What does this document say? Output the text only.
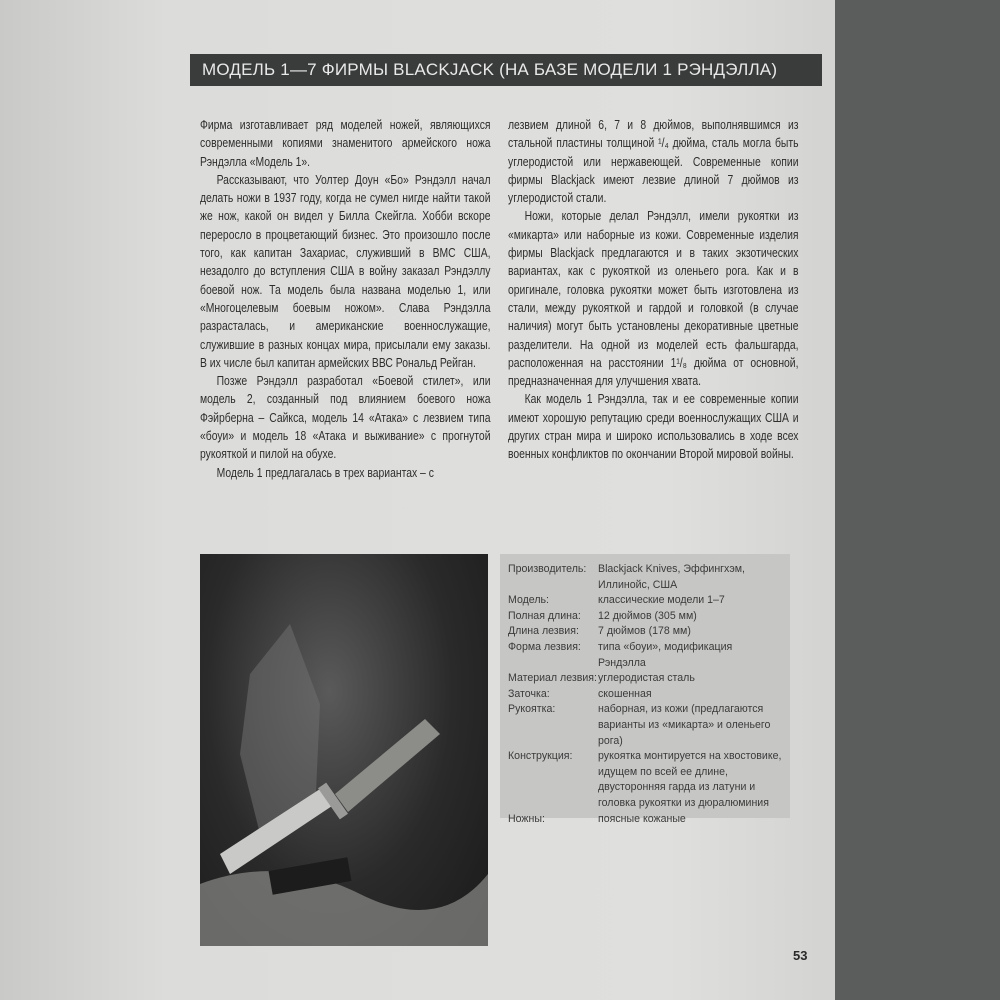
МОДЕЛЬ 1—7 ФИРМЫ BLACKJACK (НА БАЗЕ МОДЕЛИ 1 РЭНДЭЛЛА)

Фирма изготавливает ряд моделей ножей, являющихся современными копиями знаменитого армейского ножа Рэндэлла «Модель 1».

Рассказывают, что Уолтер Доун «Бо» Рэндэлл начал делать ножи в 1937 году, когда не сумел нигде найти такой же нож, какой он видел у Билла Скейгла. Хобби вскоре переросло в процветающий бизнес. Это произошло после того, как капитан Захариас, служивший в ВМС США, незадолго до вступления США в войну заказал Рэндэллу боевой нож. Та модель была названа моделью 1, или «Многоцелевым боевым ножом». Слава Рэндэлла разрасталась, и американские военнослужащие, служившие в разных концах мира, присылали ему заказы. В их числе был капитан армейских ВВС Рональд Рейган.

Позже Рэндэлл разработал «Боевой стилет», или модель 2, созданный под влиянием боевого ножа Фэйрберна – Сайкса, модель 14 «Атака» с лезвием типа «боуи» и модель 18 «Атака и выживание» с прогнутой рукояткой и пилой на обухе.

Модель 1 предлагалась в трех вариантах – с

лезвием длиной 6, 7 и 8 дюймов, выполнявшимся из стальной пластины толщиной ¹/₄ дюйма, сталь могла быть углеродистой или нержавеющей. Современные копии фирмы Blackjack имеют лезвие длиной 7 дюймов из углеродистой стали.

Ножи, которые делал Рэндэлл, имели рукоятки из «микарта» или наборные из кожи. Современные изделия фирмы Blackjack предлагаются и в таких экзотических вариантах, как с рукояткой из оленьего рога. Как и в оригинале, головка рукоятки может быть изготовлена из стали, между рукояткой и гардой и головкой (в случае наличия) могут быть установлены декоративные цветные разделители. На одной из моделей есть фальшгарда, расположенная на расстоянии 1¹/₈ дюйма от основной, предназначенная для улучшения хвата.

Как модель 1 Рэндэлла, так и ее современные копии имеют хорошую репутацию среди военнослужащих США и других стран мира и широко использовались в ходе всех военных конфликтов по окончании Второй мировой войны.

Производитель:	Blackjack Knives, Эффингхэм, Иллинойс, США
Модель:	классические модели 1–7
Полная длина:	12 дюймов (305 мм)
Длина лезвия:	7 дюймов (178 мм)
Форма лезвия:	типа «боуи», модификация Рэндэлла
Материал лезвия: углеродистая сталь
Заточка:	скошенная
Рукоятка:	наборная, из кожи (предлагаются варианты из «микарта» и оленьего рога)
Конструкция:	рукоятка монтируется на хвостовике, идущем по всей ее длине, двусторонняя гарда из латуни и головка рукоятки из дюралюминия
Ножны:	поясные кожаные
53
